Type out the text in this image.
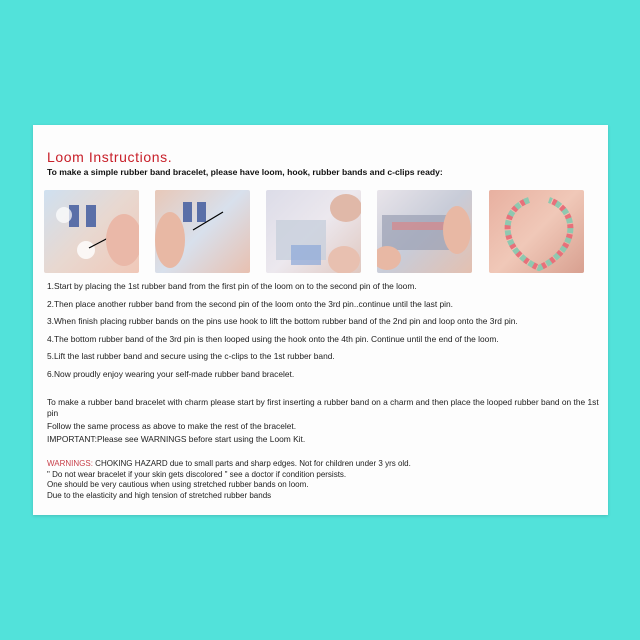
Loom Instructions.
To make a simple rubber band bracelet, please have loom, hook, rubber bands and c-clips ready:
1.Start by placing the 1st rubber band from the first pin of the loom on to the second pin of the loom.
2.Then place another rubber band from the second pin of the loom onto the 3rd pin..continue until the last pin.
3.When finish placing rubber bands on the pins use hook to lift the bottom rubber band of the 2nd pin and loop onto the 3rd pin.
4.The bottom rubber band of the 3rd pin is then looped using the hook onto the 4th pin. Continue until the end of the loom.
5.Lift the last rubber band and secure using the c-clips to the 1st rubber band.
6.Now proudly enjoy wearing your self-made rubber band bracelet.
To make a rubber band bracelet with charm please start by first inserting a rubber band on a charm and then place the looped rubber band on the 1st pin
Follow the same process as above to make the rest of the bracelet.
IMPORTANT:Please see WARNINGS before start using the Loom Kit.
WARNINGS: CHOKING HAZARD due to small parts and sharp edges. Not for children under 3 yrs old.
" Do not wear bracelet if your skin gets discolored " see a doctor if condition persists.
One should be very cautious when using stretched rubber bands on loom.
Due to the elasticity and high tension of stretched rubber bands
